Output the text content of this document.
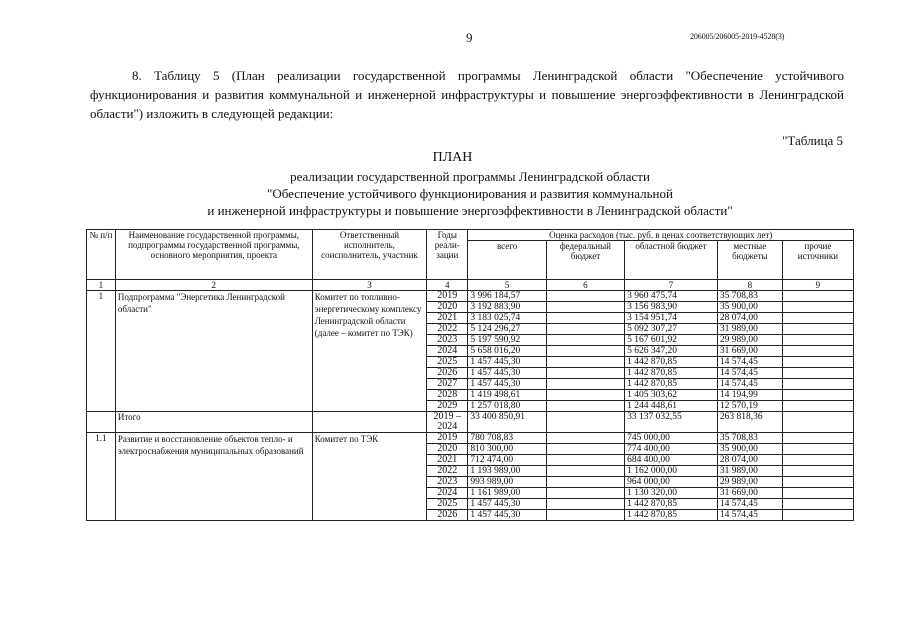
9	206005/206005-2019-4528(3)
8. Таблицу 5 (План реализации государственной программы Ленинградской области "Обеспечение устойчивого функционирования и развития коммунальной и инженерной инфраструктуры и повышение энергоэффективности в Ленинградской области") изложить в следующей редакции:
"Таблица 5
ПЛАН
реализации государственной программы Ленинградской области
"Обеспечение устойчивого функционирования и развития коммунальной
и инженерной инфраструктуры и повышение энергоэффективности в Ленинградской области"
№ п/п	Наименование государственной программы, подпрограммы государственной программы, основного мероприятия, проекта	Ответственный исполнитель, соисполнитель, участник	Годы реали-зации	Оценка расходов (тыс. руб. в ценах соответствующих лет)				
				всего	федеральный бюджет	областной бюджет	местные бюджеты	прочие источники
1	2	3	4	5	6	7	8	9
1	Подпрограмма "Энергетика Ленинградской области"	Комитет по топливно-энергетическому комплексу Ленинградской области (далее – комитет по ТЭК)	2019	3 996 184,57		3 960 475,74	35 708,83	
			2020	3 192 883,90		3 156 983,90	35 900,00	
			2021	3 183 025,74		3 154 951,74	28 074,00	
			2022	5 124 296,27		5 092 307,27	31 989,00	
			2023	5 197 590,92		5 167 601,92	29 989,00	
			2024	5 658 016,20		5 626 347,20	31 669,00	
			2025	1 457 445,30		1 442 870,85	14 574,45	
			2026	1 457 445,30		1 442 870,85	14 574,45	
			2027	1 457 445,30		1 442 870,85	14 574,45	
			2028	1 419 498,61		1 405 303,62	14 194,99	
			2029	1 257 018,80		1 244 448,61	12 570,19	
	Итого		2019 – 2024	33 400 850,91		33 137 032,55	263 818,36	
1.1	Развитие и восстановление объектов тепло- и электроснабжения муниципальных образований	Комитет по ТЭК	2019	780 708,83		745 000,00	35 708,83	
			2020	810 300,00		774 400,00	35 900,00	
			2021	712 474,00		684 400,00	28 074,00	
			2022	1 193 989,00		1 162 000,00	31 989,00	
			2023	993 989,00		964 000,00	29 989,00	
			2024	1 161 989,00		1 130 320,00	31 669,00	
			2025	1 457 445,30		1 442 870,85	14 574,45	
			2026	1 457 445,30		1 442 870,85	14 574,45	
